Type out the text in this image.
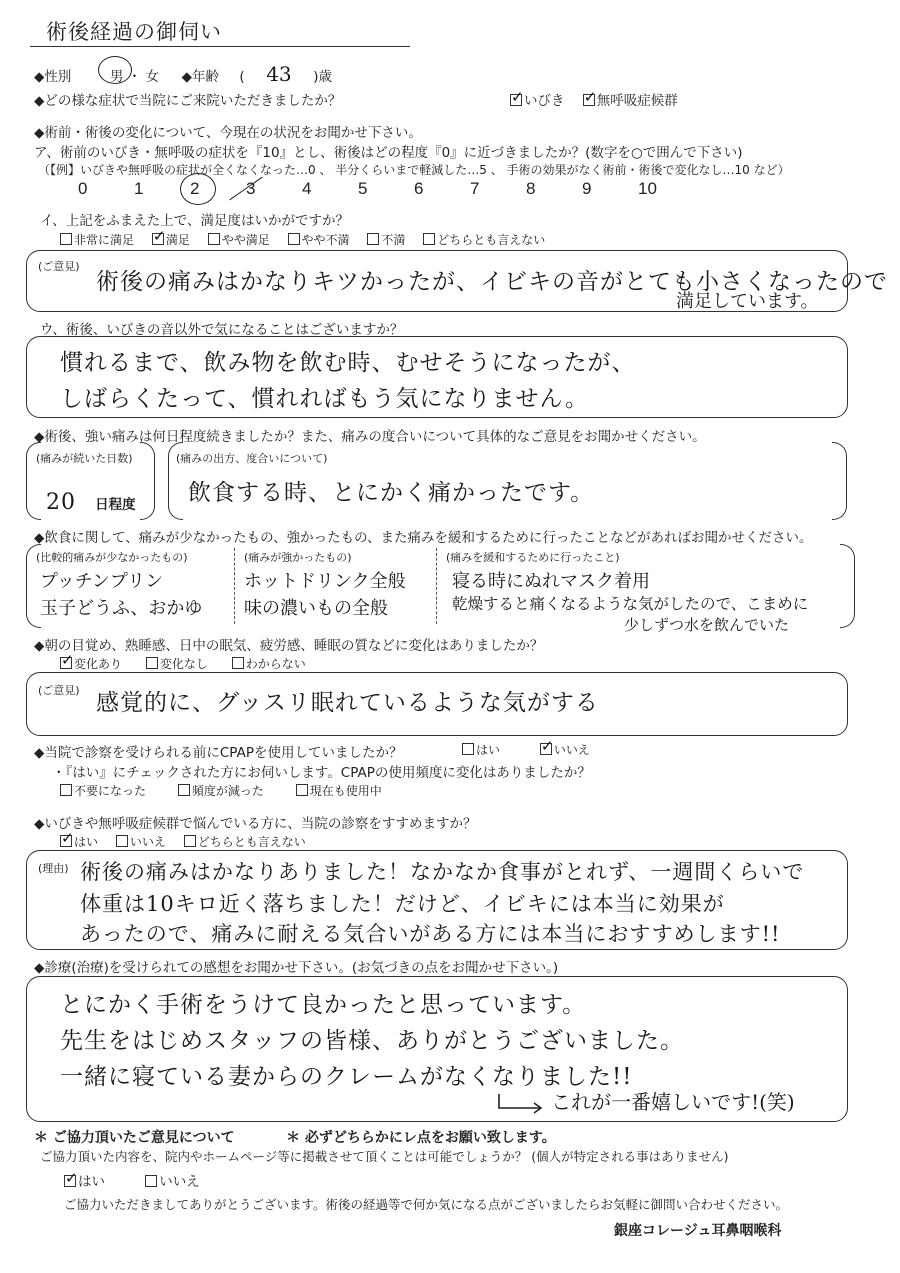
術後経過の御伺い
◆性別	男 ・ 女 ◆年齢 ( 43 )歳
◆どの様な症状で当院にご来院いただきましたか？ ✓	いびき ✓ 無呼吸症候群
◆術前・術後の変化について、今現在の状況をお聞かせ下さい。
ア、術前のいびき・無呼吸の症状を『10』とし、術後はどの程度『0』に近づきましたか？(数字を○で囲んで下さい)
（【例】いびきや無呼吸の症状が全くなくなった…0 、 半分くらいまで軽減した…5 、 手術の効果がなく術前・術後で変化なし…10 など）
0	1	2	3	4	5	6	7	8	9	10
イ、上記をふまえた上で、満足度はいかがですか？
非常に満足 ✓	満足	やや満足	やや不満	不満	どちらとも言えない
(ご意見)
術後の痛みはかなりキツかったが、イビキの音がとても小さくなったので
満足しています。
ウ、術後、いびきの音以外で気になることはございますか？
慣れるまで、飲み物を飲む時、むせそうになったが、
しばらくたって、慣れればもう気になりません。
◆術後、強い痛みは何日程度続きましたか？また、痛みの度合いについて具体的なご意見をお聞かせください。
(痛みが続いた日数)
20 日程度
(痛みの出方、度合いについて)
飲食する時、とにかく痛かったです。
◆飲食に関して、痛みが少なかったもの、強かったもの、また痛みを緩和するために行ったことなどがあればお聞かせください。
(比較的痛みが少なかったもの)
プッチンプリン
玉子どうふ、おかゆ
(痛みが強かったもの)
ホットドリンク全般
味の濃いもの全般
(痛みを緩和するために行ったこと)
寝る時にぬれマスク着用
乾燥すると痛くなるような気がしたので、こまめに
少しずつ水を飲んでいた
◆朝の目覚め、熟睡感、日中の眠気、疲労感、睡眠の質などに変化はありましたか？
✓変化あり	変化なし	わからない
(ご意見) 感覚的に、グッスリ眠れているような気がする
◆当院で診察を受けられる前にCPAPを使用していましたか？	はい ✓	いいえ
・『はい』にチェックされた方にお伺いします。CPAPの使用頻度に変化はありましたか？
不要になった	頻度が減った	現在も使用中
◆いびきや無呼吸症候群で悩んでいる方に、当院の診察をすすめますか？
✓はい	いいえ	どちらとも言えない
(理由) 術後の痛みはかなりありました！なかなか食事がとれず、一週間くらいで
体重は10キロ近く落ちました！だけど、イビキには本当に効果が
あったので、痛みに耐える気合いがある方には本当におすすめします!!
◆診療(治療)を受けられての感想をお聞かせ下さい。(お気づきの点をお聞かせ下さい。)
とにかく手術をうけて良かったと思っています。
先生をはじめスタッフの皆様、ありがとうございました。
一緒に寝ている妻からのクレームがなくなりました!!
これが一番嬉しいです!(笑)
＊ ご協力頂いたご意見について	＊ 必ずどちらかにレ点をお願い致します。
ご協力頂いた内容を、院内やホームページ等に掲載させて頂くことは可能でしょうか？ (個人が特定される事はありません)
✓はい	いいえ
ご協力いただきましてありがとうございます。術後の経過等で何か気になる点がございましたらお気軽に御問い合わせください。
銀座コレージュ耳鼻咽喉科
